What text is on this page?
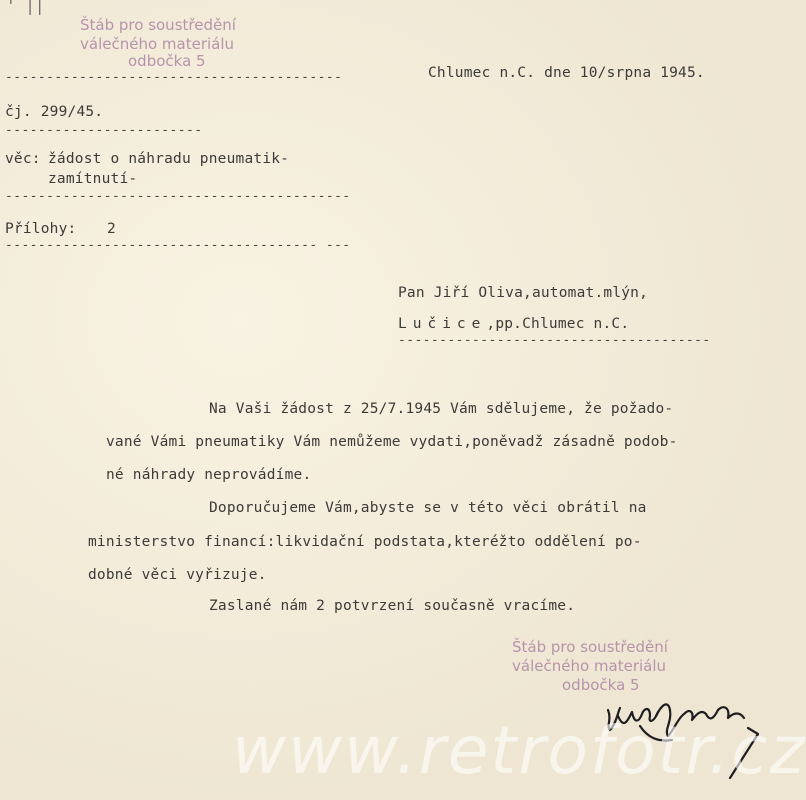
' ||
Štáb pro soustředění
válečného materiálu
odbočka 5
-----------------------------------------	Chlumec n.C. dne 10/srpna 1945.
čj. 299/45.
------------------------
věc: žádost o náhradu pneumatik-
zamítnutí-
------------------------------------------
Přílohy: 2
-------------------------------------- ---
Pan Jiří Oliva,automat.mlýn,
Lučice,pp.Chlumec n.C.
--------------------------------------
Na Vaši žádost z 25/7.1945 Vám sdělujeme, že požado-
vané Vámi pneumatiky Vám nemůžeme vydati,poněvadž zásadně podob-
né náhrady neprovádíme.
Doporučujeme Vám,abyste se v této věci obrátil na
ministerstvo financí:likvidační podstata,kteréžto oddělení po-
dobné věci vyřizuje.
Zaslané nám 2 potvrzení současně vracíme.
Štáb pro soustředění
válečného materiálu
odbočka 5
www.retrofotr.cz
